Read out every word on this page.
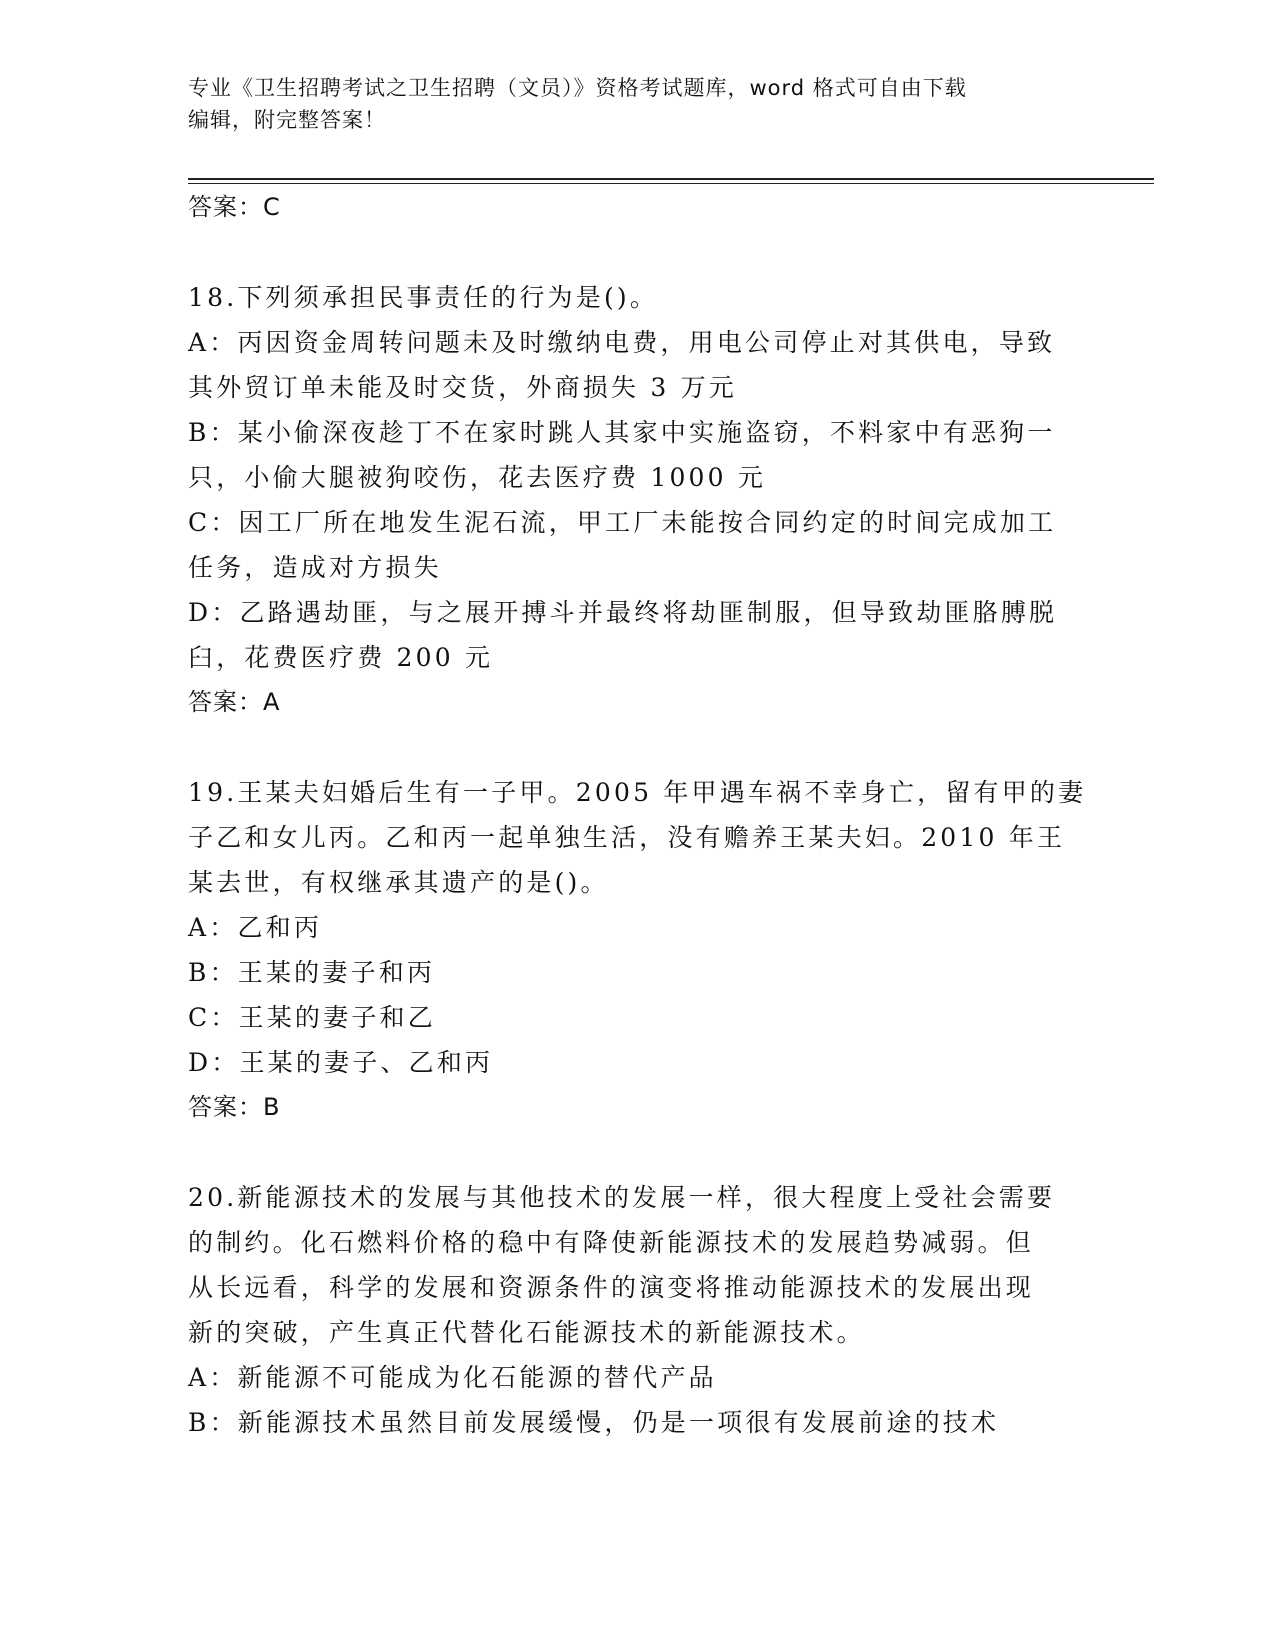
专业《卫生招聘考试之卫生招聘（文员）》资格考试题库，word 格式可自由下载
编辑，附完整答案！
答案：C
18.下列须承担民事责任的行为是()。
A：丙因资金周转问题未及时缴纳电费，用电公司停止对其供电，导致
其外贸订单未能及时交货，外商损失 3 万元
B：某小偷深夜趁丁不在家时跳人其家中实施盗窃，不料家中有恶狗一
只，小偷大腿被狗咬伤，花去医疗费 1000 元
C：因工厂所在地发生泥石流，甲工厂未能按合同约定的时间完成加工
任务，造成对方损失
D：乙路遇劫匪，与之展开搏斗并最终将劫匪制服，但导致劫匪胳膊脱
臼，花费医疗费 200 元
答案：A
19.王某夫妇婚后生有一子甲。2005 年甲遇车祸不幸身亡，留有甲的妻
子乙和女儿丙。乙和丙一起单独生活，没有赡养王某夫妇。2010 年王
某去世，有权继承其遗产的是()。
A：乙和丙
B：王某的妻子和丙
C：王某的妻子和乙
D：王某的妻子、乙和丙
答案：B
20.新能源技术的发展与其他技术的发展一样，很大程度上受社会需要
的制约。化石燃料价格的稳中有降使新能源技术的发展趋势减弱。但
从长远看，科学的发展和资源条件的演变将推动能源技术的发展出现
新的突破，产生真正代替化石能源技术的新能源技术。
A：新能源不可能成为化石能源的替代产品
B：新能源技术虽然目前发展缓慢，仍是一项很有发展前途的技术
